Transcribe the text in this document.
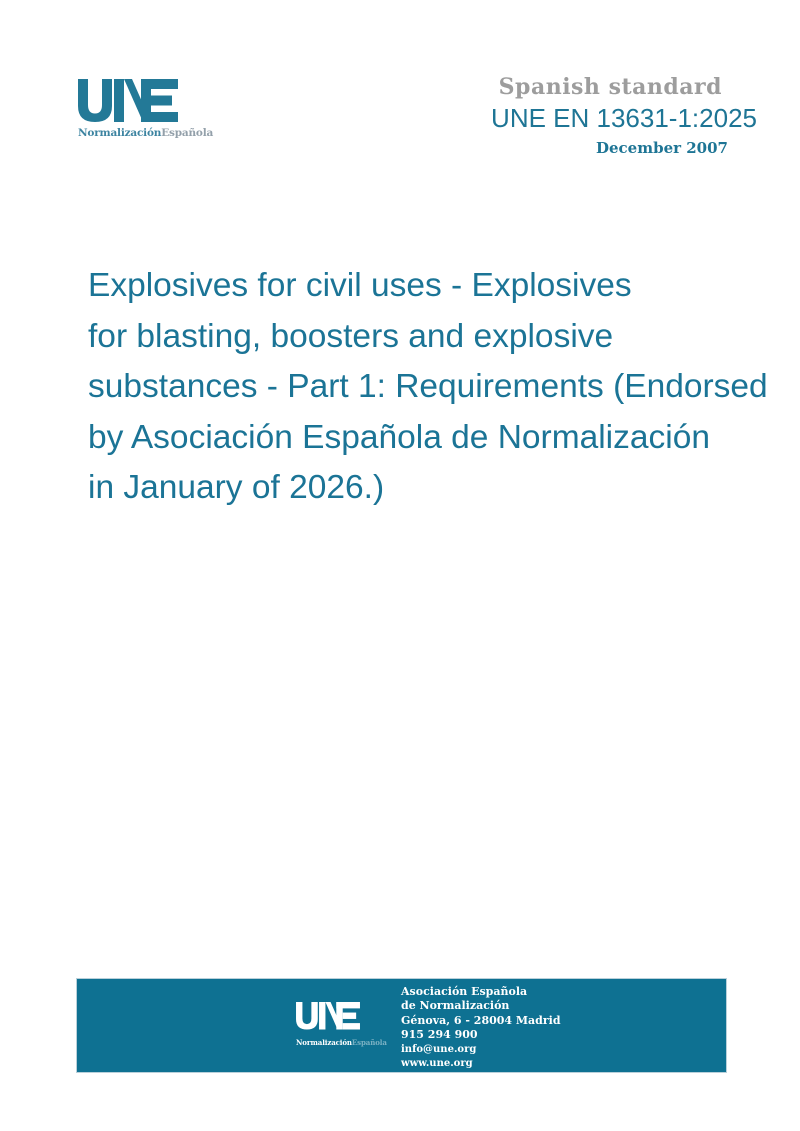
NormalizaciónEspañola
Spanish standard
UNE EN 13631-1:2025
December 2007
Explosives for civil uses - Explosives
for blasting, boosters and explosive
substances - Part 1: Requirements (Endorsed
by Asociación Española de Normalización
in January of 2026.)
NormalizaciónEspañola
Asociación Española
de Normalización
Génova, 6 - 28004 Madrid
915 294 900
info@une.org
www.une.org
